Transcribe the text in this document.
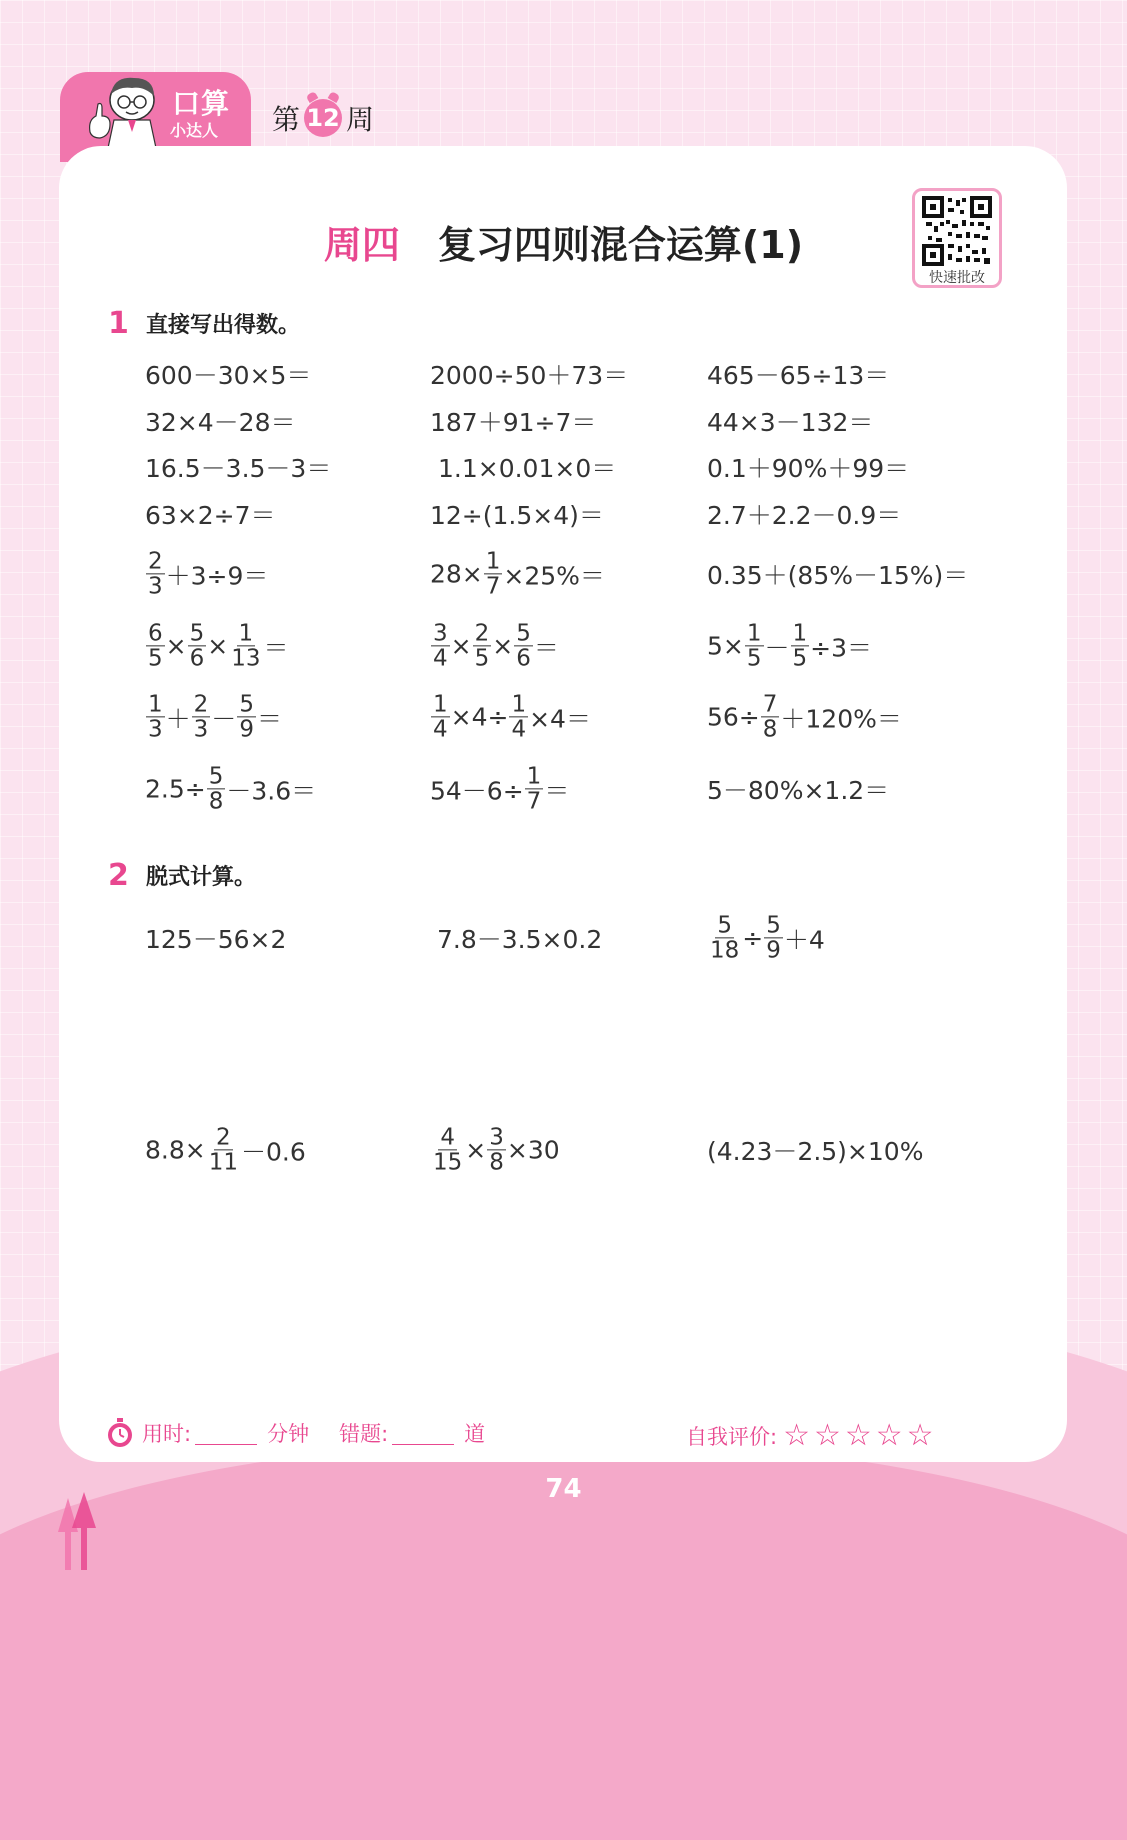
口算
小达人 第 12 周
周四 复习四则混合运算(1)
快速批改
1 直接写出得数。
600－30×5＝	2000÷50＋73＝	465－65÷13＝
32×4－28＝	187＋91÷7＝	44×3－132＝
16.5－3.5－3＝	1.1×0.01×0＝	0.1＋90%＋99＝
63×2÷7＝	12÷(1.5×4)＝	2.7＋2.2－0.9＝
$\frac{2}{3} +3\div 9=$	$28\times \frac{1}{7} \times 25\%=$	0.35＋(85%－15%)＝
$\frac{6}{5} \times \frac{5}{6} \times \frac{1}{13}$ ＝	$\frac{3}{4} \times \frac{2}{5} \times \frac{5}{6}$ ＝	$5\times \frac{1}{5} - \frac{1}{5} \div 3=$
$\frac{1}{3} + \frac{2}{3} - \frac{5}{9}$ ＝	$\frac{1}{4} \times 4\div \frac{1}{4} \times 4=$	$56\div \frac{7}{8} +120\%=$
$2.5\div \frac{5}{8} -3.6=$	$54-6\div \frac{1}{7}$ ＝	5－80%×1.2＝
2 脱式计算。
125－56×2	7.8－3.5×0.2	$\frac{5}{18} \div \frac{5}{9} +4$
$8.8\times \frac{2}{11} -0.6$	$\frac{4}{15} \times \frac{3}{8} \times 30$	(4.23－2.5)×10%
用时:	分钟 错题:	道	自我评价: ☆☆☆☆☆
74
